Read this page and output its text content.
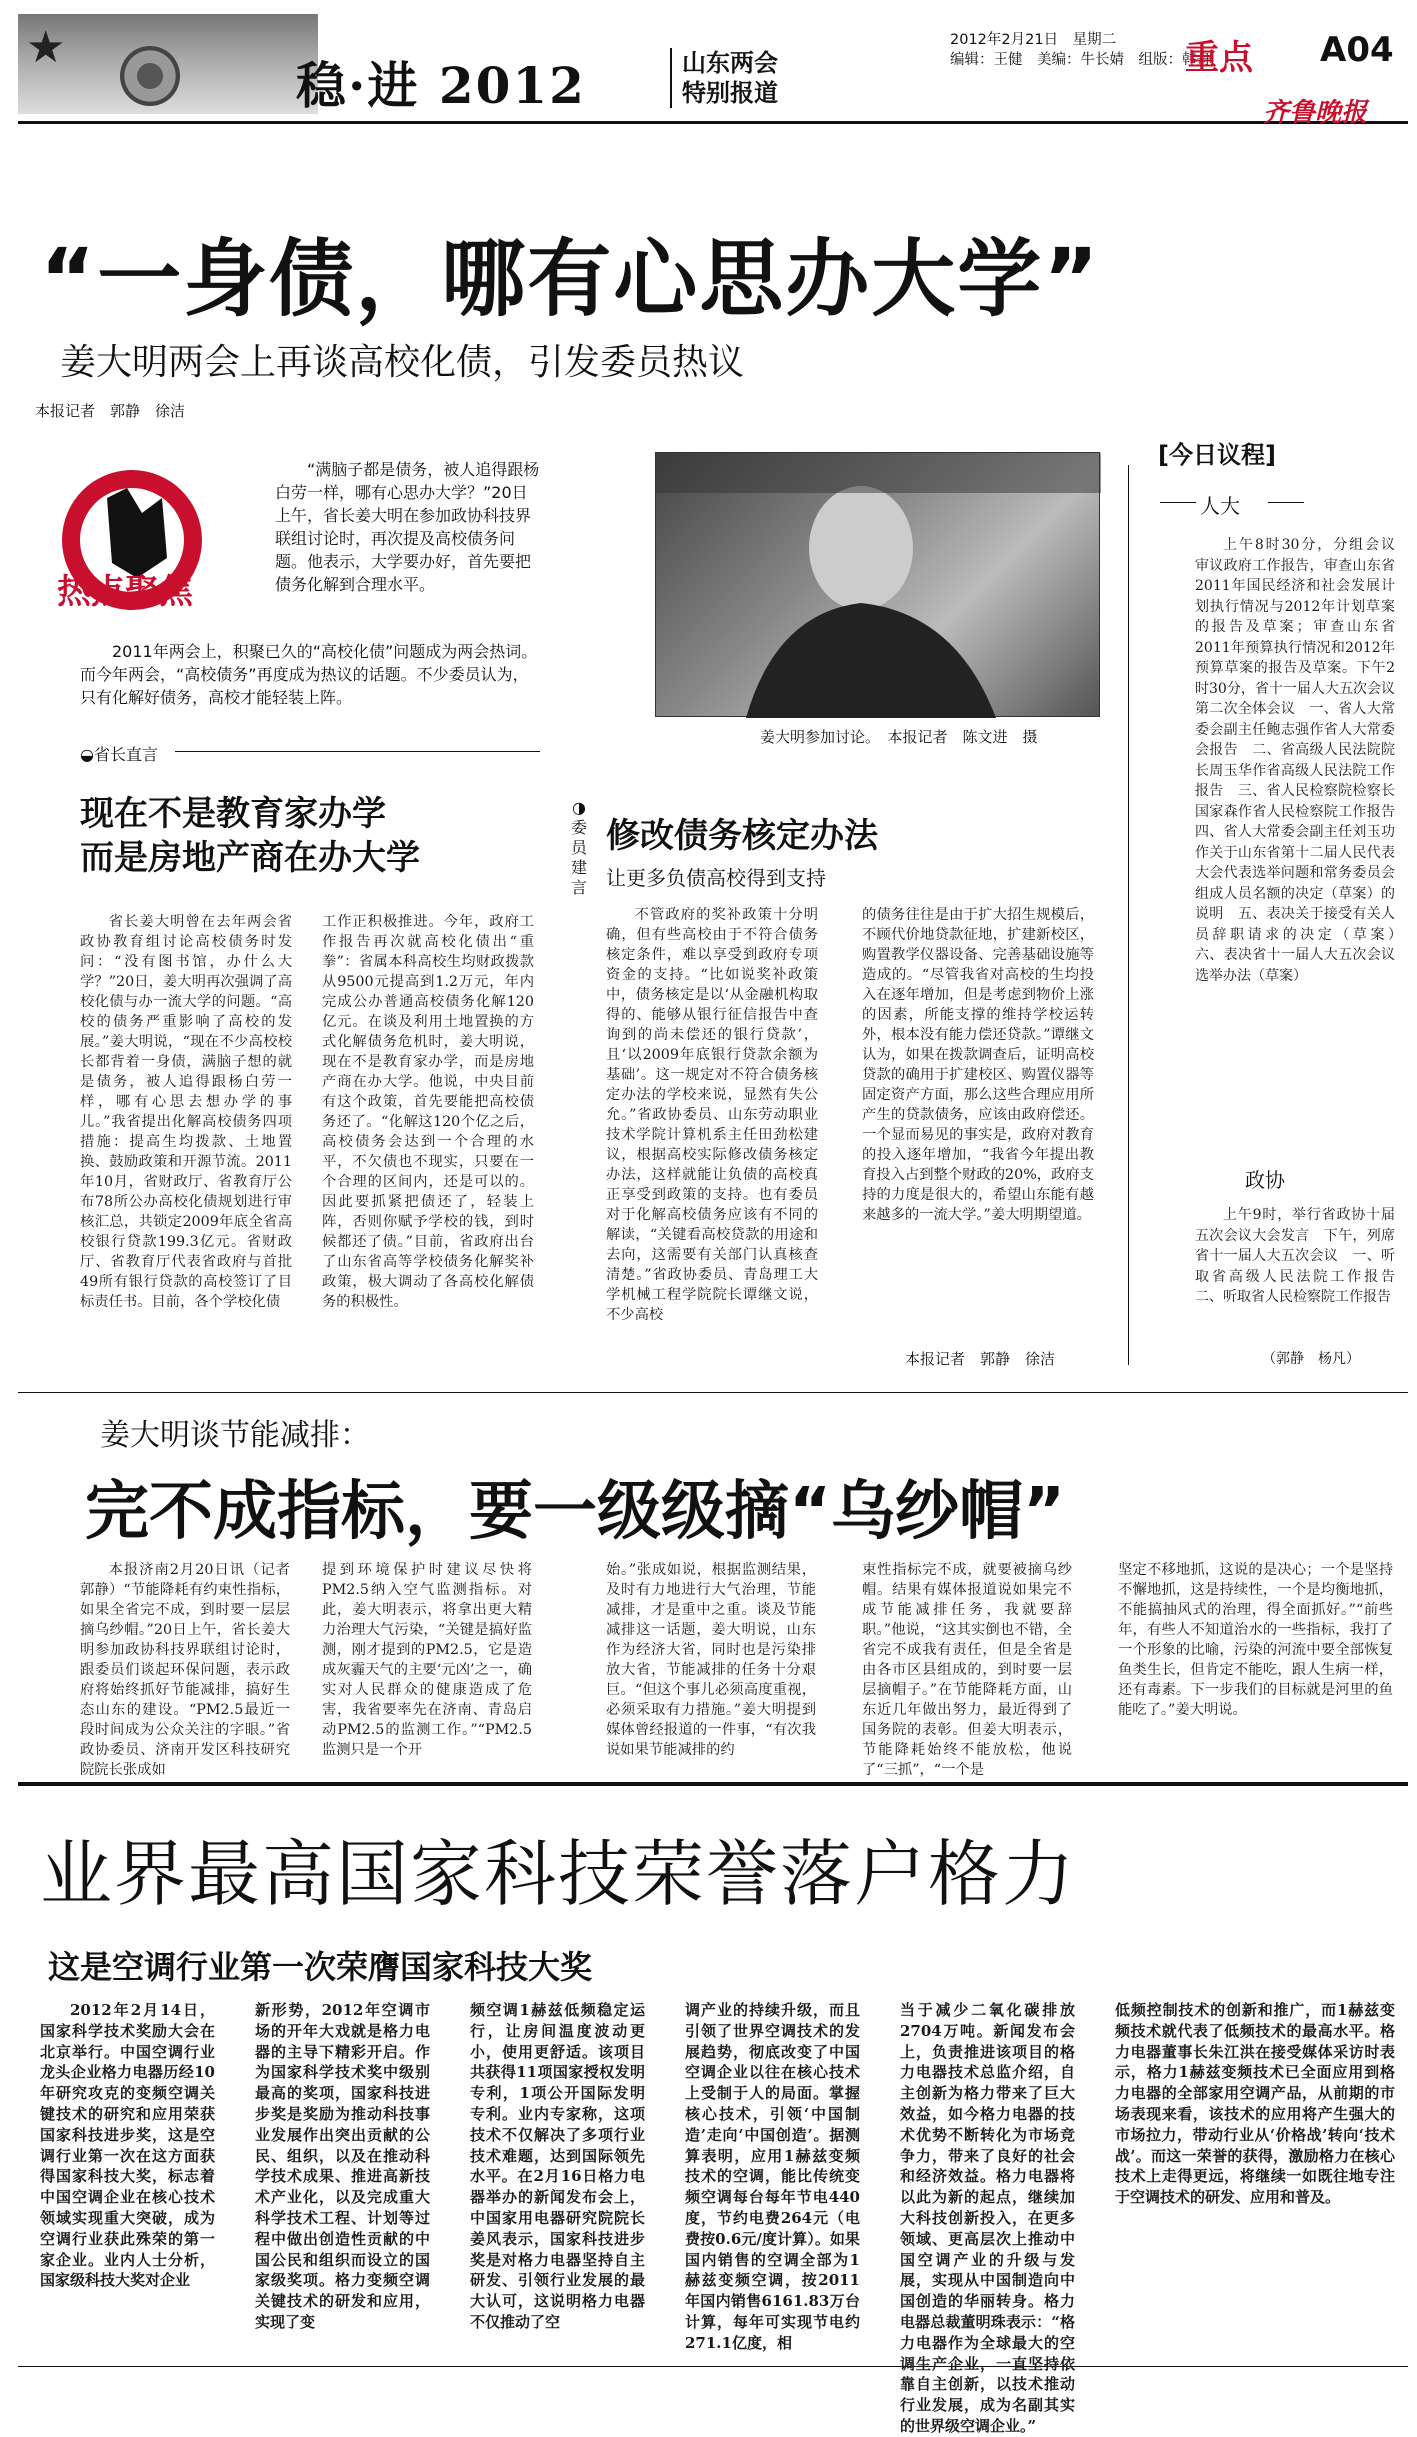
★
稳·进 2012	山东两会
特别报道
2012年2月21日　星期二
编辑：王健　美编：牛长婧　组版：韩舟
重点 A04
齐鲁晚报
“一身债，哪有心思办大学”
姜大明两会上再谈高校化债，引发委员热议
本报记者　郭静　徐洁
热点聚焦

“满脑子都是债务，被人追得跟杨白劳一样，哪有心思办大学？”20日上午，省长姜大明在参加政协科技界联组讨论时，再次提及高校债务问题。他表示，大学要办好，首先要把债务化解到合理水平。

2011年两会上，积聚已久的“高校化债”问题成为两会热词。而今年两会，“高校债务”再度成为热议的话题。不少委员认为，只有化解好债务，高校才能轻装上阵。

姜大明参加讨论。　本报记者　陈文进　摄
◒省长直言
现在不是教育家办学
而是房地产商在办大学

省长姜大明曾在去年两会省政协教育组讨论高校债务时发问：“没有图书馆，办什么大学？”20日，姜大明再次强调了高校化债与办一流大学的问题。“高校的债务严重影响了高校的发展。”姜大明说，“现在不少高校校长都背着一身债，满脑子想的就是债务，被人追得跟杨白劳一样，哪有心思去想办学的事儿。”我省提出化解高校债务四项措施：提高生均拨款、土地置换、鼓励政策和开源节流。2011年10月，省财政厅、省教育厅公布78所公办高校化债规划进行审核汇总，共锁定2009年底全省高校银行贷款199.3亿元。省财政厅、省教育厅代表省政府与首批49所有银行贷款的高校签订了目标责任书。目前，各个学校化债

工作正积极推进。今年，政府工作报告再次就高校化债出“重拳”：省属本科高校生均财政拨款从9500元提高到1.2万元，年内完成公办普通高校债务化解120亿元。在谈及利用土地置换的方式化解债务危机时，姜大明说，现在不是教育家办学，而是房地产商在办大学。他说，中央目前有这个政策，首先要能把高校债务还了。“化解这120个亿之后，高校债务会达到一个合理的水平，不欠债也不现实，只要在一个合理的区间内，还是可以的。因此要抓紧把债还了，轻装上阵，否则你赋予学校的钱，到时候都还了债。”目前，省政府出台了山东省高等学校债务化解奖补政策，极大调动了各高校化解债务的积极性。

◑
委员建言
修改债务核定办法
让更多负债高校得到支持

不管政府的奖补政策十分明确，但有些高校由于不符合债务核定条件，难以享受到政府专项资金的支持。“比如说奖补政策中，债务核定是以‘从金融机构取得的、能够从银行征信报告中查询到的尚未偿还的银行贷款’，且‘以2009年底银行贷款余额为基础’。这一规定对不符合债务核定办法的学校来说，显然有失公允。”省政协委员、山东劳动职业技术学院计算机系主任田劲松建议，根据高校实际修改债务核定办法，这样就能让负债的高校真正享受到政策的支持。也有委员对于化解高校债务应该有不同的解读，“关键看高校贷款的用途和去向，这需要有关部门认真核查清楚。”省政协委员、青岛理工大学机械工程学院院长谭继文说，不少高校

的债务往往是由于扩大招生规模后，不顾代价地贷款征地，扩建新校区，购置教学仪器设备、完善基础设施等造成的。“尽管我省对高校的生均投入在逐年增加，但是考虑到物价上涨的因素，所能支撑的维持学校运转外，根本没有能力偿还贷款。”谭继文认为，如果在拨款调查后，证明高校贷款的确用于扩建校区、购置仪器等固定资产方面，那么这些合理应用所产生的贷款债务，应该由政府偿还。一个显而易见的事实是，政府对教育的投入逐年增加，“我省今年提出教育投入占到整个财政的20%，政府支持的力度是很大的，希望山东能有越来越多的一流大学。”姜大明期望道。

本报记者　郭静　徐洁
[今日议程]
人大

上午8时30分，分组会议　审议政府工作报告，审查山东省2011年国民经济和社会发展计划执行情况与2012年计划草案的报告及草案；审查山东省2011年预算执行情况和2012年预算草案的报告及草案。下午2时30分，省十一届人大五次会议第二次全体会议　一、省人大常委会副主任鲍志强作省人大常委会报告　二、省高级人民法院院长周玉华作省高级人民法院工作报告　三、省人民检察院检察长国家森作省人民检察院工作报告　四、省人大常委会副主任刘玉功作关于山东省第十二届人民代表大会代表选举问题和常务委员会组成人员名额的决定（草案）的说明　五、表决关于接受有关人员辞职请求的决定（草案）　六、表决省十一届人大五次会议选举办法（草案）

政协

上午9时，举行省政协十届五次会议大会发言　下午，列席省十一届人大五次会议　一、听取省高级人民法院工作报告　二、听取省人民检察院工作报告

（郭静　杨凡）
姜大明谈节能减排：
完不成指标，要一级级摘“乌纱帽”

本报济南2月20日讯（记者　郭静）“节能降耗有约束性指标，如果全省完不成，到时要一层层摘乌纱帽。”20日上午，省长姜大明参加政协科技界联组讨论时，跟委员们谈起环保问题，表示政府将始终抓好节能减排，搞好生态山东的建设。“PM2.5最近一段时间成为公众关注的字眼。”省政协委员、济南开发区科技研究院院长张成如

提到环境保护时建议尽快将PM2.5纳入空气监测指标。对此，姜大明表示，将拿出更大精力治理大气污染，“关键是搞好监测，刚才提到的PM2.5，它是造成灰霾天气的主要‘元凶’之一，确实对人民群众的健康造成了危害，我省要率先在济南、青岛启动PM2.5的监测工作。”“PM2.5监测只是一个开

始。”张成如说，根据监测结果，及时有力地进行大气治理，节能减排，才是重中之重。谈及节能减排这一话题，姜大明说，山东作为经济大省，同时也是污染排放大省，节能减排的任务十分艰巨。“但这个事儿必须高度重视，必须采取有力措施。”姜大明提到媒体曾经报道的一件事，“有次我说如果节能减排的约

束性指标完不成，就要被摘乌纱帽。结果有媒体报道说如果完不成节能减排任务，我就要辞职。”他说，“这其实倒也不错，全省完不成我有责任，但是全省是由各市区县组成的，到时要一层层摘帽子。”在节能降耗方面，山东近几年做出努力，最近得到了国务院的表彰。但姜大明表示，节能降耗始终不能放松，他说了“三抓”，“一个是

坚定不移地抓，这说的是决心；一个是坚持不懈地抓，这是持续性，一个是均衡地抓，不能搞抽风式的治理，得全面抓好。”“前些年，有些人不知道治水的一些指标，我打了一个形象的比喻，污染的河流中要全部恢复鱼类生长，但肯定不能吃，跟人生病一样，还有毒素。下一步我们的目标就是河里的鱼能吃了。”姜大明说。

业界最高国家科技荣誉落户格力
这是空调行业第一次荣膺国家科技大奖

2012年2月14日，国家科学技术奖励大会在北京举行。中国空调行业龙头企业格力电器历经10年研究攻克的变频空调关键技术的研究和应用荣获国家科技进步奖，这是空调行业第一次在这方面获得国家科技大奖，标志着中国空调企业在核心技术领域实现重大突破，成为空调行业获此殊荣的第一家企业。业内人士分析，国家级科技大奖对企业

新形势，2012年空调市场的开年大戏就是格力电器的主导下精彩开启。作为国家科学技术奖中级别最高的奖项，国家科技进步奖是奖励为推动科技事业发展作出突出贡献的公民、组织，以及在推动科学技术成果、推进高新技术产业化，以及完成重大科学技术工程、计划等过程中做出创造性贡献的中国公民和组织而设立的国家级奖项。格力变频空调关键技术的研发和应用，实现了变

频空调1赫兹低频稳定运行，让房间温度波动更小，使用更舒适。该项目共获得11项国家授权发明专利，1项公开国际发明专利。业内专家称，这项技术不仅解决了多项行业技术难题，达到国际领先水平。在2月16日格力电器举办的新闻发布会上，中国家用电器研究院院长姜风表示，国家科技进步奖是对格力电器坚持自主研发、引领行业发展的最大认可，这说明格力电器不仅推动了空

调产业的持续升级，而且引领了世界空调技术的发展趋势，彻底改变了中国空调企业以往在核心技术上受制于人的局面。掌握核心技术，引领‘中国制造’走向‘中国创造’。据测算表明，应用1赫兹变频技术的空调，能比传统变频空调每台每年节电440度，节约电费264元（电费按0.6元/度计算）。如果国内销售的空调全部为1赫兹变频空调，按2011年国内销售6161.83万台计算，每年可实现节电约271.1亿度，相

当于减少二氧化碳排放2704万吨。新闻发布会上，负责推进该项目的格力电器技术总监介绍，自主创新为格力带来了巨大效益，如今格力电器的技术优势不断转化为市场竞争力，带来了良好的社会和经济效益。格力电器将以此为新的起点，继续加大科技创新投入，在更多领域、更高层次上推动中国空调产业的升级与发展，实现从中国制造向中国创造的华丽转身。格力电器总裁董明珠表示：“格力电器作为全球最大的空调生产企业，一直坚持依靠自主创新，以技术推动行业发展，成为名副其实的世界级空调企业。”

低频控制技术的创新和推广，而1赫兹变频技术就代表了低频技术的最高水平。格力电器董事长朱江洪在接受媒体采访时表示，格力1赫兹变频技术已全面应用到格力电器的全部家用空调产品，从前期的市场表现来看，该技术的应用将产生强大的市场拉力，带动行业从‘价格战’转向‘技术战’。而这一荣誉的获得，激励格力在核心技术上走得更远，将继续一如既往地专注于空调技术的研发、应用和普及。
